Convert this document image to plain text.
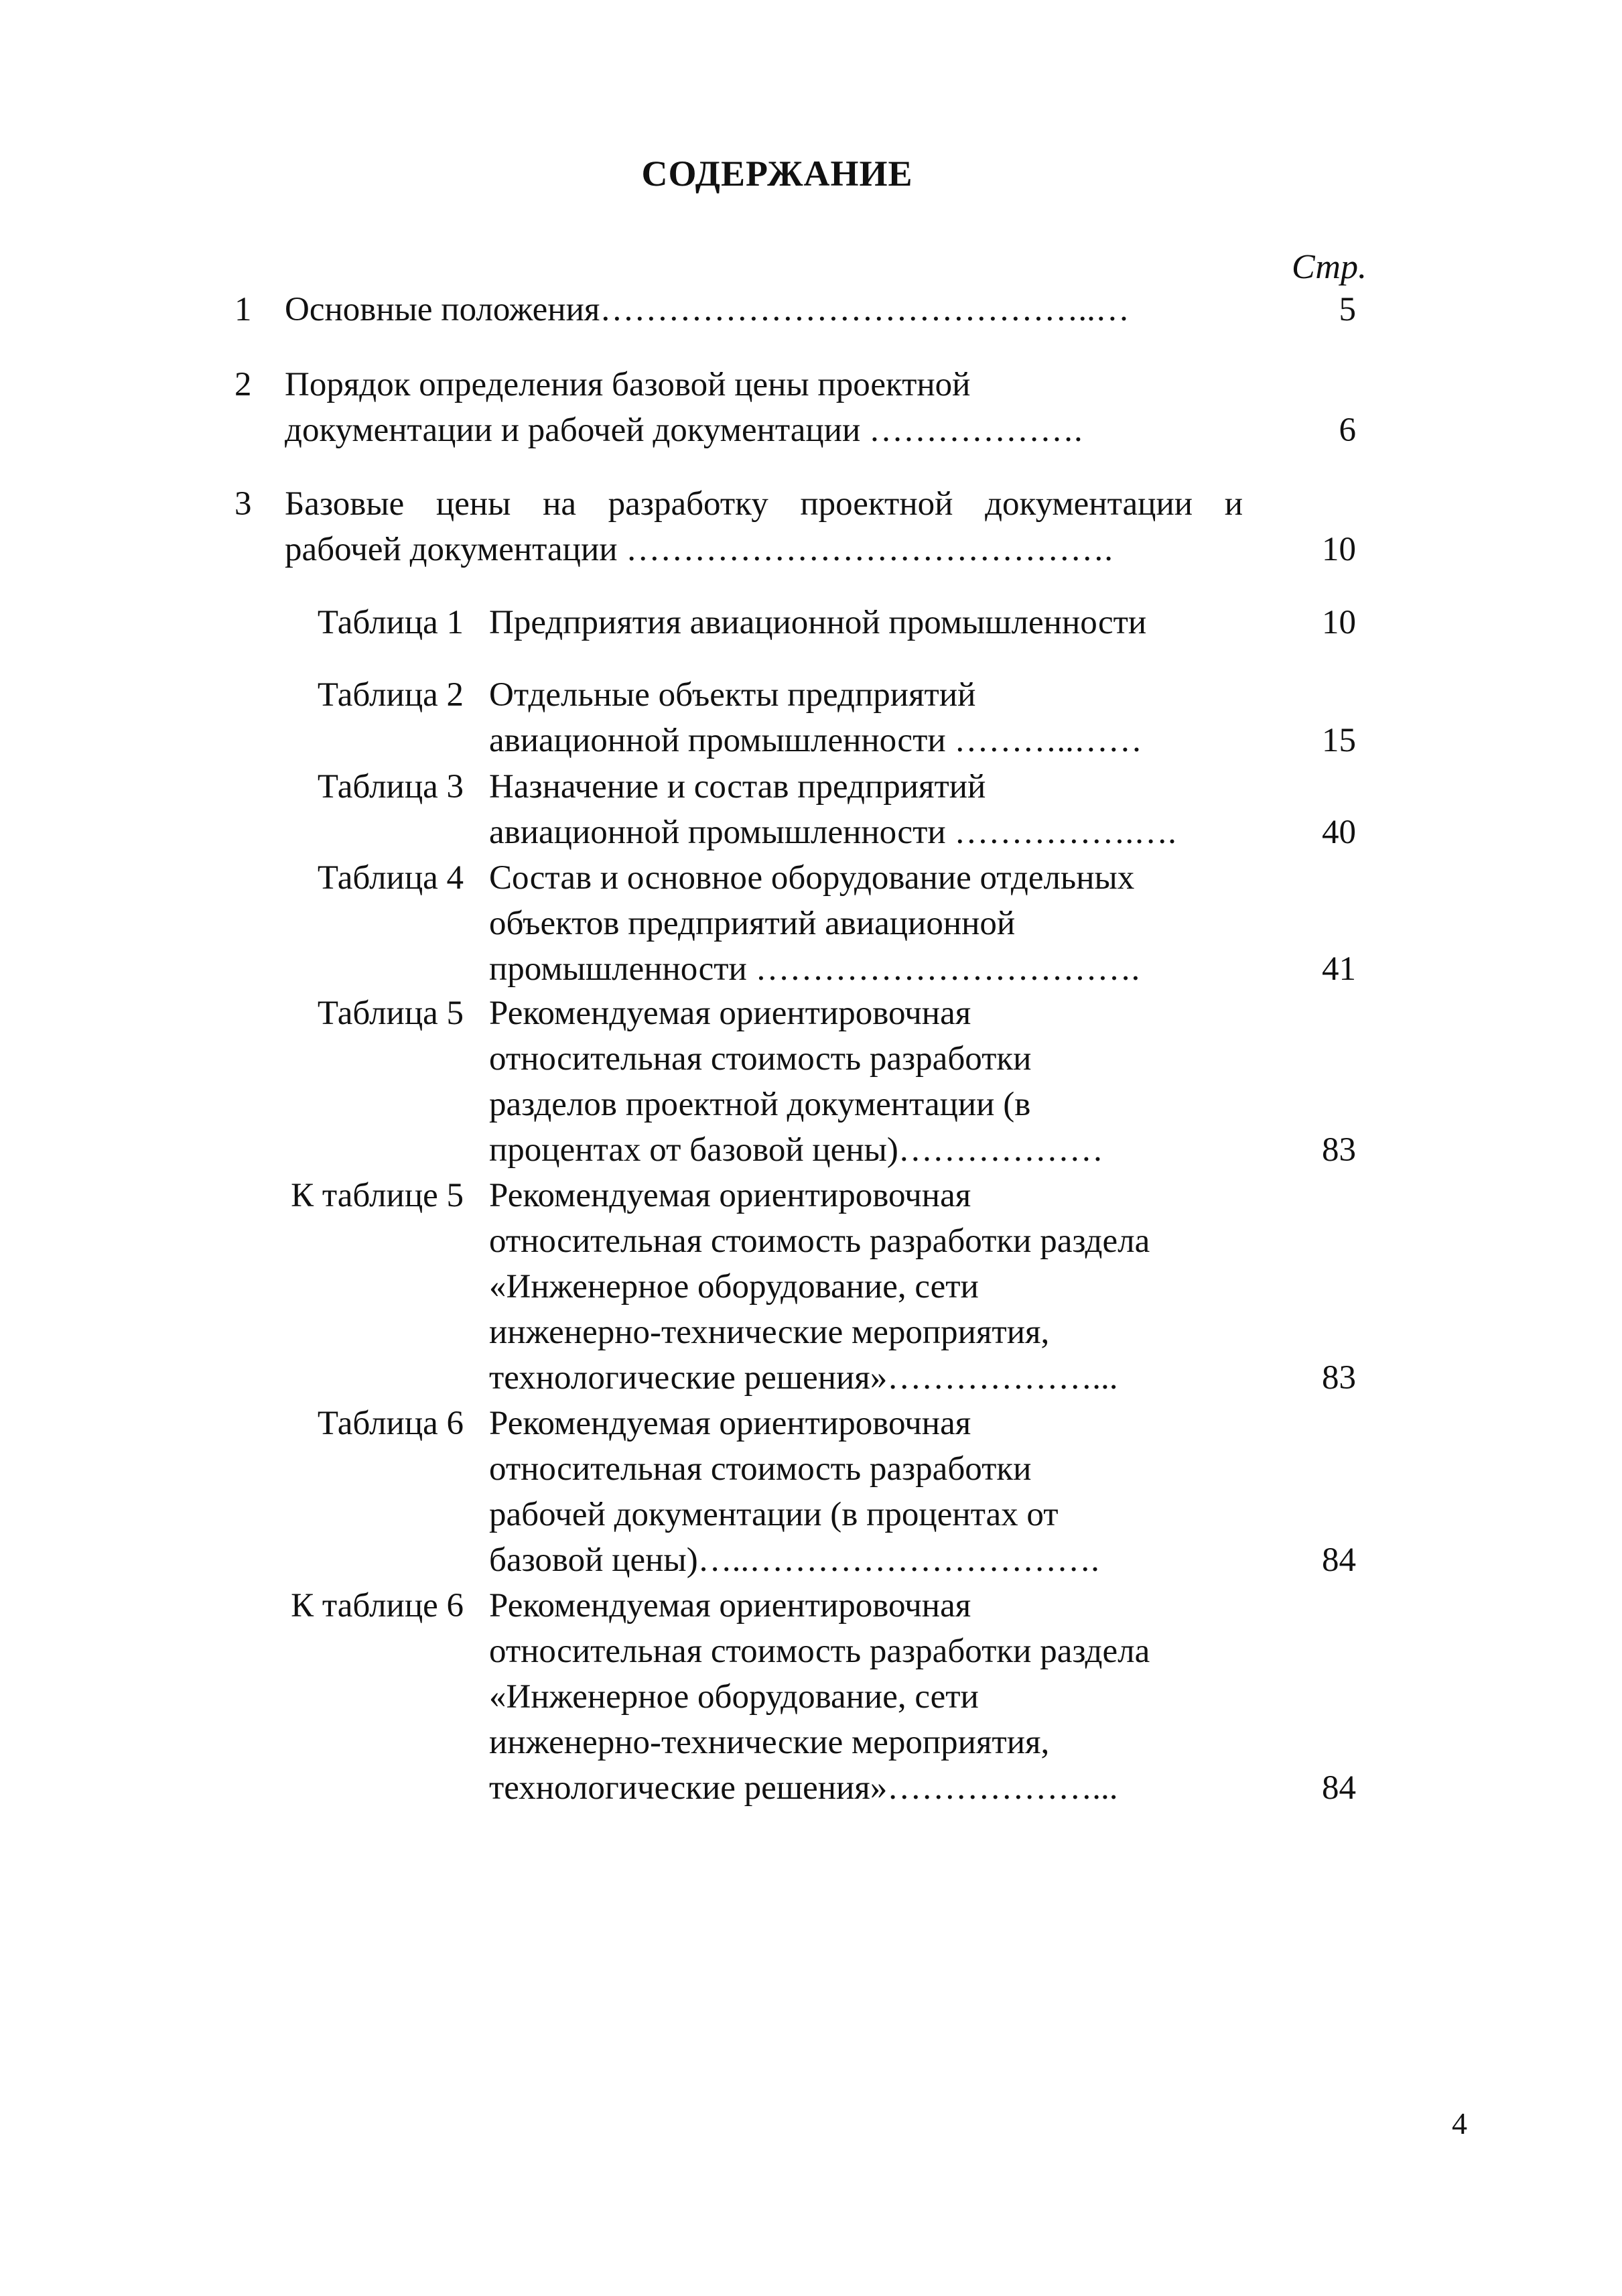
СОДЕРЖАНИЕ
Стр.
1 Основные положения……………………………………..…	5
2 Порядок определения базовой цены проектной
документации и рабочей документации ……………….	6
3 Базовые цены на разработку проектной документации и
рабочей документации …………………………………….	10
Таблица 1 Предприятия авиационной промышленности	10
Таблица 2 Отдельные объекты предприятий
авиационной промышленности ………..……	15
Таблица 3 Назначение и состав предприятий
авиационной промышленности …………….….	40
Таблица 4 Состав и основное оборудование отдельных
объектов предприятий авиационной
промышленности …………………………….	41
Таблица 5 Рекомендуемая ориентировочная
относительная стоимость разработки
разделов проектной документации (в
процентах от базовой цены)………………	83
К таблице 5 Рекомендуемая ориентировочная
относительная стоимость разработки раздела
«Инженерное оборудование, сети
инженерно-технические мероприятия,
технологические решения»………………...	83
Таблица 6 Рекомендуемая ориентировочная
относительная стоимость разработки
рабочей документации (в процентах от
базовой цены)…..………………………….	84
К таблице 6 Рекомендуемая ориентировочная
относительная стоимость разработки раздела
«Инженерное оборудование, сети
инженерно-технические мероприятия,
технологические решения»………………...	84
4
